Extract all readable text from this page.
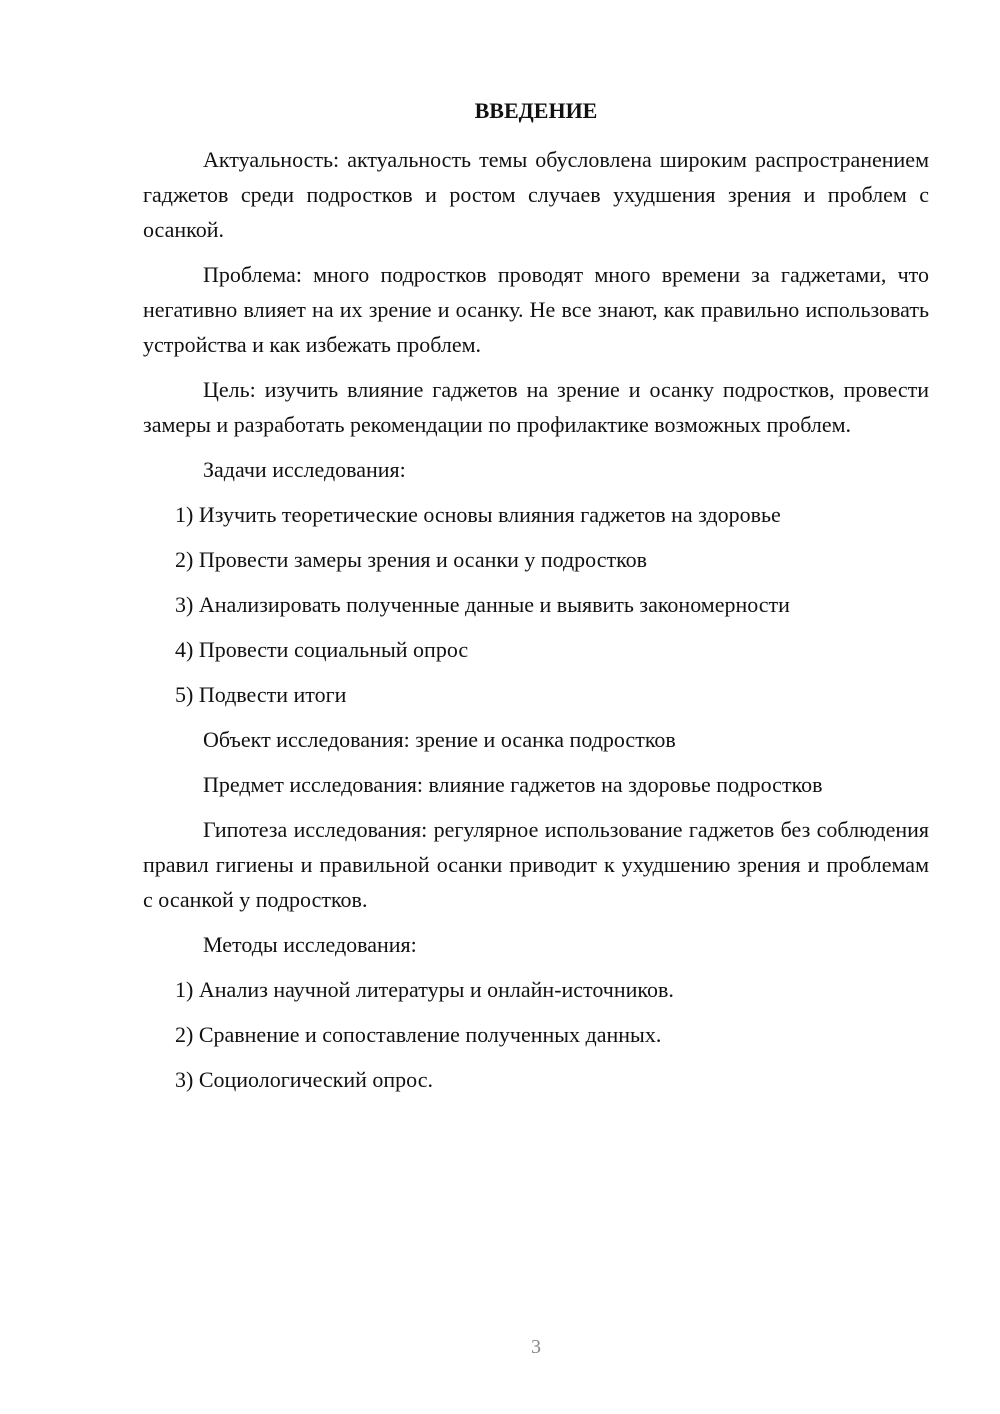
ВВЕДЕНИЕ

Актуальность: актуальность темы обусловлена широким распространением гаджетов среди подростков и ростом случаев ухудшения зрения и проблем с осанкой.

Проблема: много подростков проводят много времени за гаджетами, что негативно влияет на их зрение и осанку. Не все знают, как правильно использовать устройства и как избежать проблем.

Цель: изучить влияние гаджетов на зрение и осанку подростков, провести замеры и разработать рекомендации по профилактике возможных проблем.

Задачи исследования:

1) Изучить теоретические основы влияния гаджетов на здоровье

2) Провести замеры зрения и осанки у подростков

3) Анализировать полученные данные и выявить закономерности

4) Провести социальный опрос

5) Подвести итоги

Объект исследования: зрение и осанка подростков

Предмет исследования: влияние гаджетов на здоровье подростков

Гипотеза исследования: регулярное использование гаджетов без соблюдения правил гигиены и правильной осанки приводит к ухудшению зрения и проблемам с осанкой у подростков.

Методы исследования:

1) Анализ научной литературы и онлайн-источников.

2) Сравнение и сопоставление полученных данных.

3) Социологический опрос.

3
